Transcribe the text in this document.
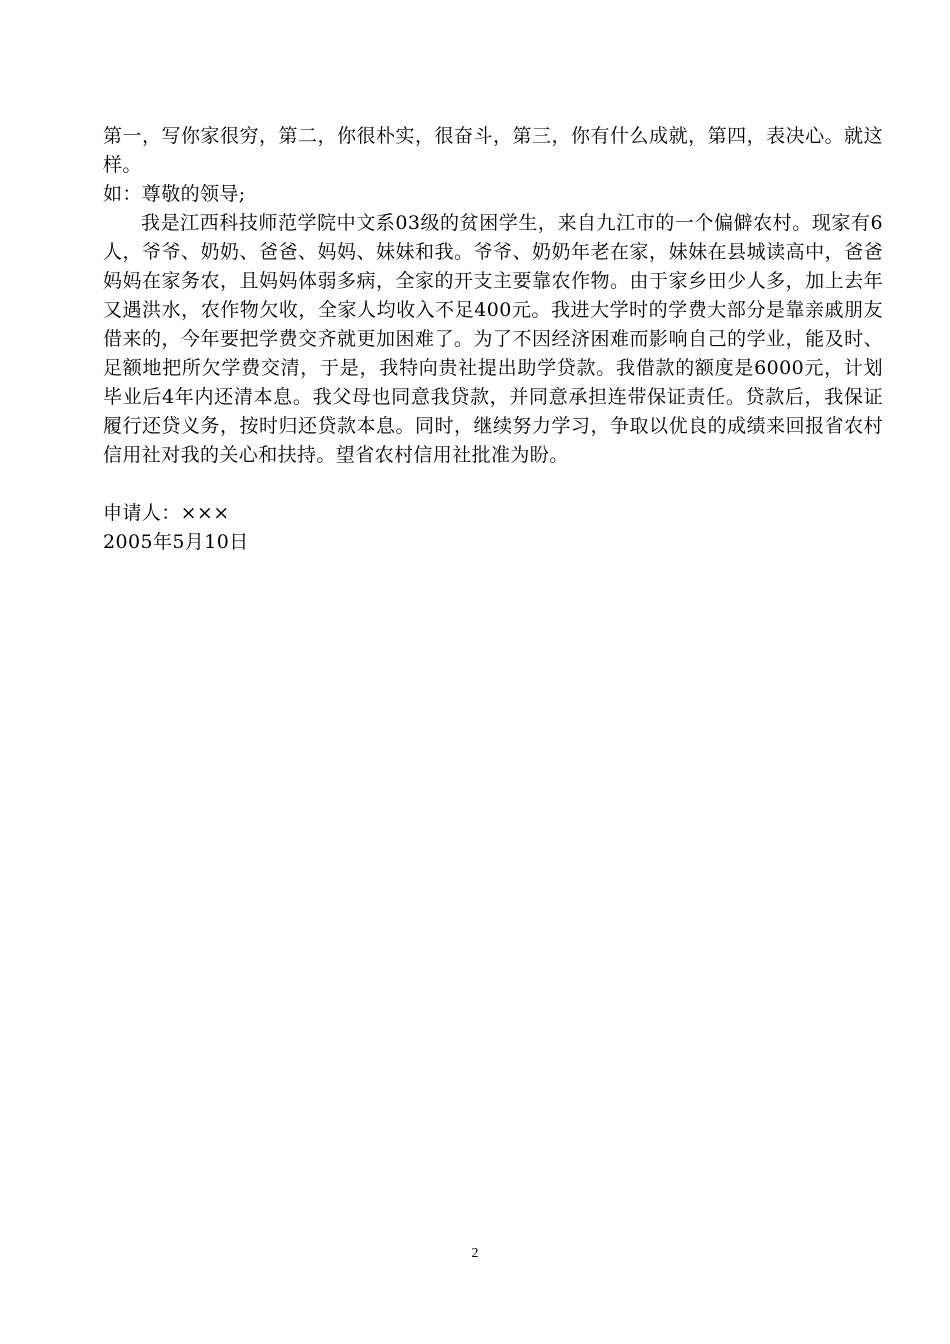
第一，写你家很穷，第二，你很朴实，很奋斗，第三，你有什么成就，第四，表决心。就这样。

如：尊敬的领导;

我是江西科技师范学院中文系03级的贫困学生，来自九江市的一个偏僻农村。现家有6人，爷爷、奶奶、爸爸、妈妈、妹妹和我。爷爷、奶奶年老在家，妹妹在县城读高中，爸爸妈妈在家务农，且妈妈体弱多病，全家的开支主要靠农作物。由于家乡田少人多，加上去年又遇洪水，农作物欠收，全家人均收入不足400元。我进大学时的学费大部分是靠亲戚朋友借来的，今年要把学费交齐就更加困难了。为了不因经济困难而影响自己的学业，能及时、足额地把所欠学费交清，于是，我特向贵社提出助学贷款。我借款的额度是6000元，计划毕业后4年内还清本息。我父母也同意我贷款，并同意承担连带保证责任。贷款后，我保证履行还贷义务，按时归还贷款本息。同时，继续努力学习，争取以优良的成绩来回报省农村信用社对我的关心和扶持。望省农村信用社批准为盼。

申请人：×××

2005年5月10日

2
